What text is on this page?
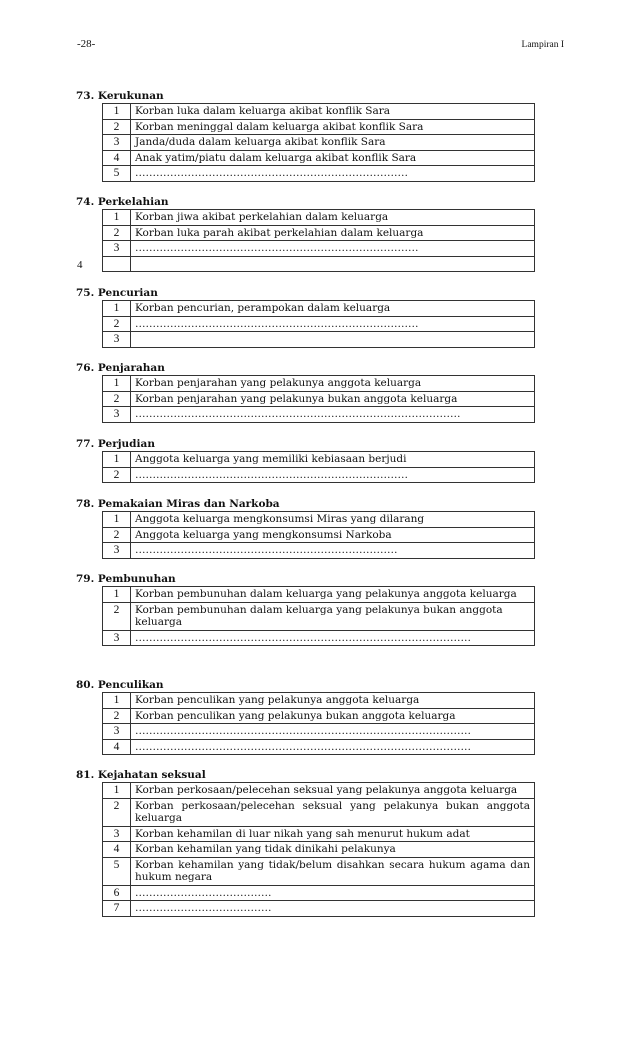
-28-	Lampiran I
4
73. Kerukunan
1	Korban luka dalam keluarga akibat konflik Sara
2	Korban meninggal dalam keluarga akibat konflik Sara
3	Janda/duda dalam keluarga akibat konflik Sara
4	Anak yatim/piatu dalam keluarga akibat konflik Sara
5	……………………………………………………………………
74. Perkelahian
1	Korban jiwa akibat perkelahian dalam keluarga
2	Korban luka parah akibat perkelahian dalam keluarga
3	………………………………………………………………………

75. Pencurian
1	Korban pencurian, perampokan dalam keluarga
2	………………………………………………………………………
3	
76. Penjarahan
1	Korban penjarahan yang pelakunya anggota keluarga
2	Korban penjarahan yang pelakunya bukan anggota keluarga
3	…………………………………………………………………………………
77. Perjudian
1	Anggota keluarga yang memiliki kebiasaan berjudi
2	……………………………………………………………………
78. Pemakaian Miras dan Narkoba
1	Anggota keluarga mengkonsumsi Miras yang dilarang
2	Anggota keluarga yang mengkonsumsi Narkoba
3	…………………………………………………………………
79. Pembunuhan
1	Korban pembunuhan dalam keluarga yang pelakunya anggota keluarga
2	Korban pembunuhan dalam keluarga yang pelakunya bukan anggota keluarga
3	……………………………………………………………………………………
80. Penculikan
1	Korban penculikan yang pelakunya anggota keluarga
2	Korban penculikan yang pelakunya bukan anggota keluarga
3	……………………………………………………………………………………
4	……………………………………………………………………………………
81. Kejahatan seksual
1	Korban perkosaan/pelecehan seksual yang pelakunya anggota keluarga
2	Korban perkosaan/pelecehan seksual yang pelakunya bukan anggota keluarga
3	Korban kehamilan di luar nikah yang sah menurut hukum adat
4	Korban kehamilan yang tidak dinikahi pelakunya
5	Korban kehamilan yang tidak/belum disahkan secara hukum agama dan hukum negara
6	…………………………………
7	…………………………………
